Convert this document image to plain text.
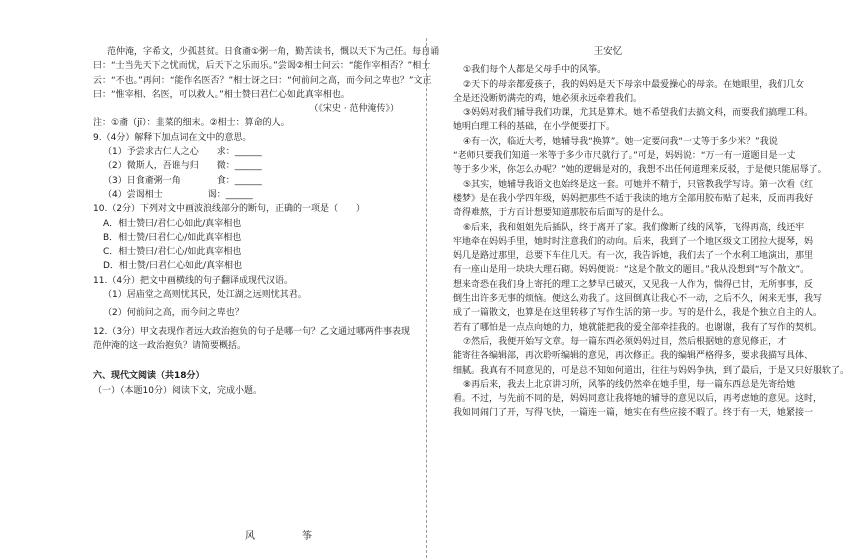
范仲淹，字希文，少孤甚贫。日食齑①粥一角，勤苦读书，慨以天下为己任。每自诵
曰：“士当先天下之忧而忧，后天下之乐而乐。”尝谒②相士问云：“能作宰相否？”相士
云：“不也。”再问：“能作名医否？”相士讶之曰：“何前问之高，而今问之卑也？”文正
曰：“惟宰相、名医，可以救人。”相士赞曰君仁心如此真宰相也。
（《宋史 · 范仲淹传》）
注：①齑（jī）：韭菜的细末。②相士：算命的人。
9.（4分）解释下加点词在文中的意思。
（1）予尝求古仁人之心　　 求：______
（2）微斯人，吾谁与归　　 微：______
（3）日食齑粥一角　　　　	食：______
（4）尝谒相士　　　　　	谒：______
10.（2分）下列对文中画波浪线部分的断句，正确的一项是（　　）
A．相士赞曰/君仁心如此/真宰相也
B．相士赞/曰君仁心/如此真宰相也
C．相士赞曰/君仁心/如此真宰相也
D．相士赞/曰君仁心如此/真宰相也
11.（4分）把文中画横线的句子翻译成现代汉语。
（1）居庙堂之高则忧其民，处江湖之远则忧其君。
（2）何前问之高，而今问之卑也？
12.（3分）甲文表现作者远大政治抱负的句子是哪一句？乙文通过哪两件事表现
范仲淹的这一政治抱负？请简要概括。
六、现代文阅读（共18分）
（一）（本题10分）阅读下文，完成小题。
风 筝
王安忆
①我们每个人都是父母手中的风筝。
②天下的母亲都爱孩子，我的妈妈是天下母亲中最爱操心的母亲。在她眼里，我们几女
全是还没断奶满壳的鸡，她必须永远牵着我们。
③妈妈对我们辅导我们功课，尤其是算术。她不希望我们去搞文科，而要我们搞理工科。
她明白理工科的基础，在小学便要打下。
④有一次，临近大考，她辅导我“换算”。她一定要问我“一丈等于多少米？”我说
“老师只要我们知道一米等于多少市尺就行了。”可是，妈妈说：“万一有一道题目是一丈
等于多少米，你怎么办呢？”她的逻辑是对的，我想不出任何道理来反驳，于是便只能屈辱了。
⑤其实，她辅导我语文也始终是这一套。可她并不精于，只管教我学写诗。第一次看《红
楼梦》是在我小学四年级，妈妈把那些不适于我读的地方全部用胶布贴了起来，反而再我好
奇得难熬，于方百计想要知道那胶布后面写的是什么。
⑥后来，我和姐姐先后插队，终于离开了家。我们像断了线的风筝，飞得再高，线还牢
牢地牵在妈妈手里，她时时注意我们的动向。后来，我到了一个地区级文工团拉大提琴，妈
妈几是路过那里，总要下车住几天。有一次，我告诉她，我们去了一个水利工地演出，那里
有一座山是用一块块大理石砌。妈妈便说：“这是个散文的题目。”我从没想到“写个散文”。
想来奇恐在我们身上寄托的理工之梦早已破灭，又见我一人作为，惴得已甘，无所事事，反
倒生出许多无事的烦恼。便这么劝我了。这回倒真让我心不一动，之后不久，闲来无事，我写
成了一篇散文，也算是在这里转移了写作生活的第一步。写的是什么，我是个独立自主的人。
若有了哪怕是一点点向她的力，她就能把我的爱全部牵挂我的。也谢谢，我有了写作的契机。
⑦然后，我便开始写文章。每一篇东西必须妈妈过目，然后根据她的意见修正，才
能寄往各编辑部，再次聆听编辑的意见，再次修正。我的编辑严格得多，要求我描写具体、
细腻。我真有不同意见的，可是总不知如何道出，往往与妈妈争执，到了最后，于是又只好服软了。
⑧再后来，我去上北京讲习所，风筝的线仍然牵在她手里，每一篇东西总是先寄给她
看。不过，与先前不同的是，妈妈同意让我将她的辅导的意见以后，再考虑她的意见。这时，
我如同闹门了开，写得飞快，一篇连一篇，她实在有些应接不暇了。终于有一天，她紧接一
